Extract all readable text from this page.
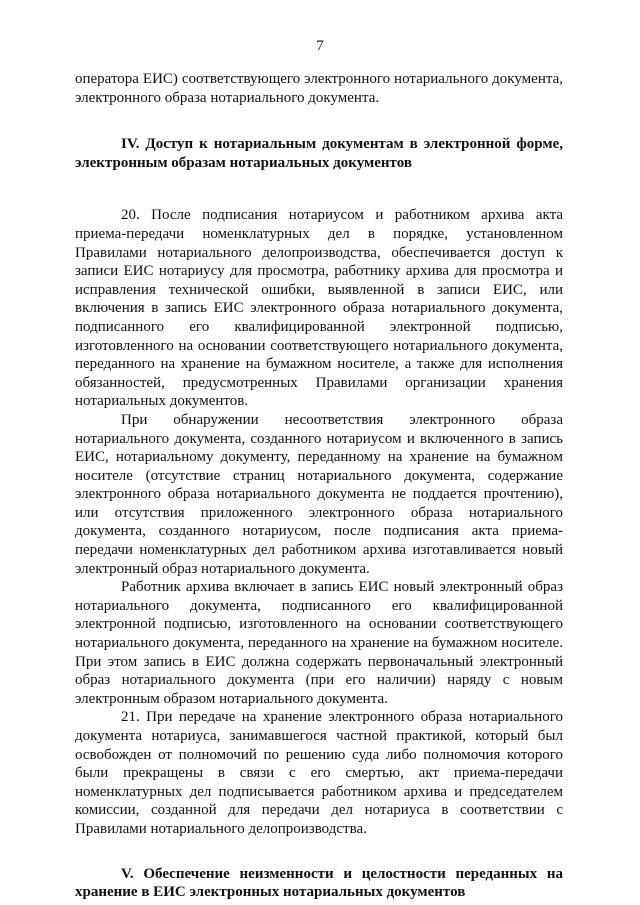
7

оператора ЕИС) соответствующего электронного нотариального документа, электронного образа нотариального документа.

IV. Доступ к нотариальным документам в электронной форме, электронным образам нотариальных документов

20. После подписания нотариусом и работником архива акта приема-передачи номенклатурных дел в порядке, установленном Правилами нотариального делопроизводства, обеспечивается доступ к записи ЕИС нотариусу для просмотра, работнику архива для просмотра и исправления технической ошибки, выявленной в записи ЕИС, или включения в запись ЕИС электронного образа нотариального документа, подписанного его квалифицированной электронной подписью, изготовленного на основании соответствующего нотариального документа, переданного на хранение на бумажном носителе, а также для исполнения обязанностей, предусмотренных Правилами организации хранения нотариальных документов.

При обнаружении несоответствия электронного образа нотариального документа, созданного нотариусом и включенного в запись ЕИС, нотариальному документу, переданному на хранение на бумажном носителе (отсутствие страниц нотариального документа, содержание электронного образа нотариального документа не поддается прочтению), или отсутствия приложенного электронного образа нотариального документа, созданного нотариусом, после подписания акта приема-передачи номенклатурных дел работником архива изготавливается новый электронный образ нотариального документа.

Работник архива включает в запись ЕИС новый электронный образ нотариального документа, подписанного его квалифицированной электронной подписью, изготовленного на основании соответствующего нотариального документа, переданного на хранение на бумажном носителе. При этом запись в ЕИС должна содержать первоначальный электронный образ нотариального документа (при его наличии) наряду с новым электронным образом нотариального документа.

21. При передаче на хранение электронного образа нотариального документа нотариуса, занимавшегося частной практикой, который был освобожден от полномочий по решению суда либо полномочия которого были прекращены в связи с его смертью, акт приема-передачи номенклатурных дел подписывается работником архива и председателем комиссии, созданной для передачи дел нотариуса в соответствии с Правилами нотариального делопроизводства.

V. Обеспечение неизменности и целостности переданных на хранение в ЕИС электронных нотариальных документов
